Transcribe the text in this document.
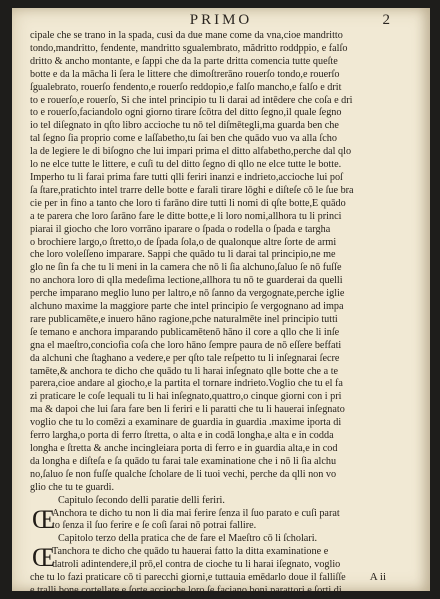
PRIMO	2
cipale che se trano in la spada, cusi da due mane come da vna,cioe mandritto
tondo,mandritto, fendente, mandritto sgualembrato, mădritto roddppio, e falſo
dritto & ancho montante, e ſappi che da la parte dritta comencia tutte queſte
botte e da la mācha li ſera le littere che dimoſtrerāno rouerſo tondo,e rouerſo
ſgualebrato, rouerſo fendento,e rouerſo reddopio,e falſo mancho,e falſo e drit
to e rouerſo,e rouerſo, Si che intel principio tu li darai ad intēdere che coſa e dri
to e rouerſo,faciandolo ogni giorno tirare ſcōtra del ditto ſegno,il quale ſegno
io tel diſegnato in qſto libro accioche tu nō tel diſmētegli,ma guarda ben che
tal ſegno ſia proprio come e laſſabetho,tu ſai ben che quādo vuo va alla ſcho
la de legiere le di biſogno che lui impari prima el ditto alfabetho,perche dal qlo
lo ne elce tutte le littere, e cuſi tu del ditto ſegno di qllo ne elce tutte le botte.
Imperho tu li farai prima fare tutti qlli feriri inanzi e indrieto,accioche lui poſ
ſa ſtare,pratichto intel trarre delle botte e farali tirare lōghi e diſteſe cō le ſue bra
cie per in fino a tanto che loro ti farāno dire tutti li nomi di qſte botte,E quādo
a te parera che loro ſarāno fare le ditte botte,e li loro nomi,allhora tu li princi
piarai il giocho che loro vorrāno iparare o ſpada o rodella o ſpada e targha
o brochiere largo,o ſtretto,o de ſpada ſola,o de qualonque altre ſorte de armi
che loro voleſſeno imparare. Sappi che quādo tu li darai tal principio,ne me
glo ne ſin fa che tu li meni in la camera che nō li ſia alchuno,ſaluo ſe nō fuſſe
no anchora loro di qlla medeſima lectione,allhora tu nō te guarderai da quelli
perche imparano meglio luno per laltro,e nō ſanno da vergognate,perche iglie
alchuno maxime la maggiore parte che intel principio ſe vergognano ad impa
rare publicamēte,e inuero hāno ragione,pche naturalmēte inel principio tutti
ſe temano e anchora imparando publicamētenō hāno il core a qllo che li inſe
gna el maeſtro,conciofia coſa che loro hāno ſempre paura de nō eſſere beffati
da alchuni che ſtaghano a vedere,e per qſto tale reſpetto tu li inſegnarai ſecre
tamēte,& anchora te dicho che quādo tu li harai inſegnato qlle botte che a te
parera,cioe andare al giocho,e la partita el tornare indrieto.Voglio che tu el fa
zi praticare le coſe lequali tu li hai inſegnato,quattro,o cinque giorni con i pri
ma & dapoi che lui ſara fare ben li feriri e li paratti che tu li hauerai inſegnato
voglio che tu lo comēzi a examinare de guardia in guardia .maxime iporta di
ferro largha,o porta di ferro ſtretta, o alta e in codā longha,e alta e in codda
longha e ſtretta & anche incingleiara porta di ferro e in guardia alta,e in cod
da longha e diſteſa e ſa quādo tu farai tale examinatione che i nō li ſia alchu
no,ſaluo ſe non fuſſe qualche ſcholare de li tuoi vechi, perche da qlli non vo
glio che tu te guardi.
Capitulo ſecondo delli paratie delli feriri.
Œ
Anchora te dicho tu non li dia mai ferire ſenza il ſuo parato e cuſi parat
to ſenza il ſuo ferire e ſe coſi ſarai nō potrai fallire.
Capitolo terzo della pratica che de fare el Maeſtro cō li ſcholari.
Œ
Tanchora te dicho che quādo tu hauerai fatto la ditta examinatione e
datroli adintendere,il prō,el contra de cioche tu li harai iſegnato, voglio
che tu lo fazi praticare cō ti parecchi giorni,e tuttauia emēdarlo doue il falliſſe
e tralli bone cortellate,e ſorte,accioche loro ſe faciano boni parattori e ſorti di
A ii
